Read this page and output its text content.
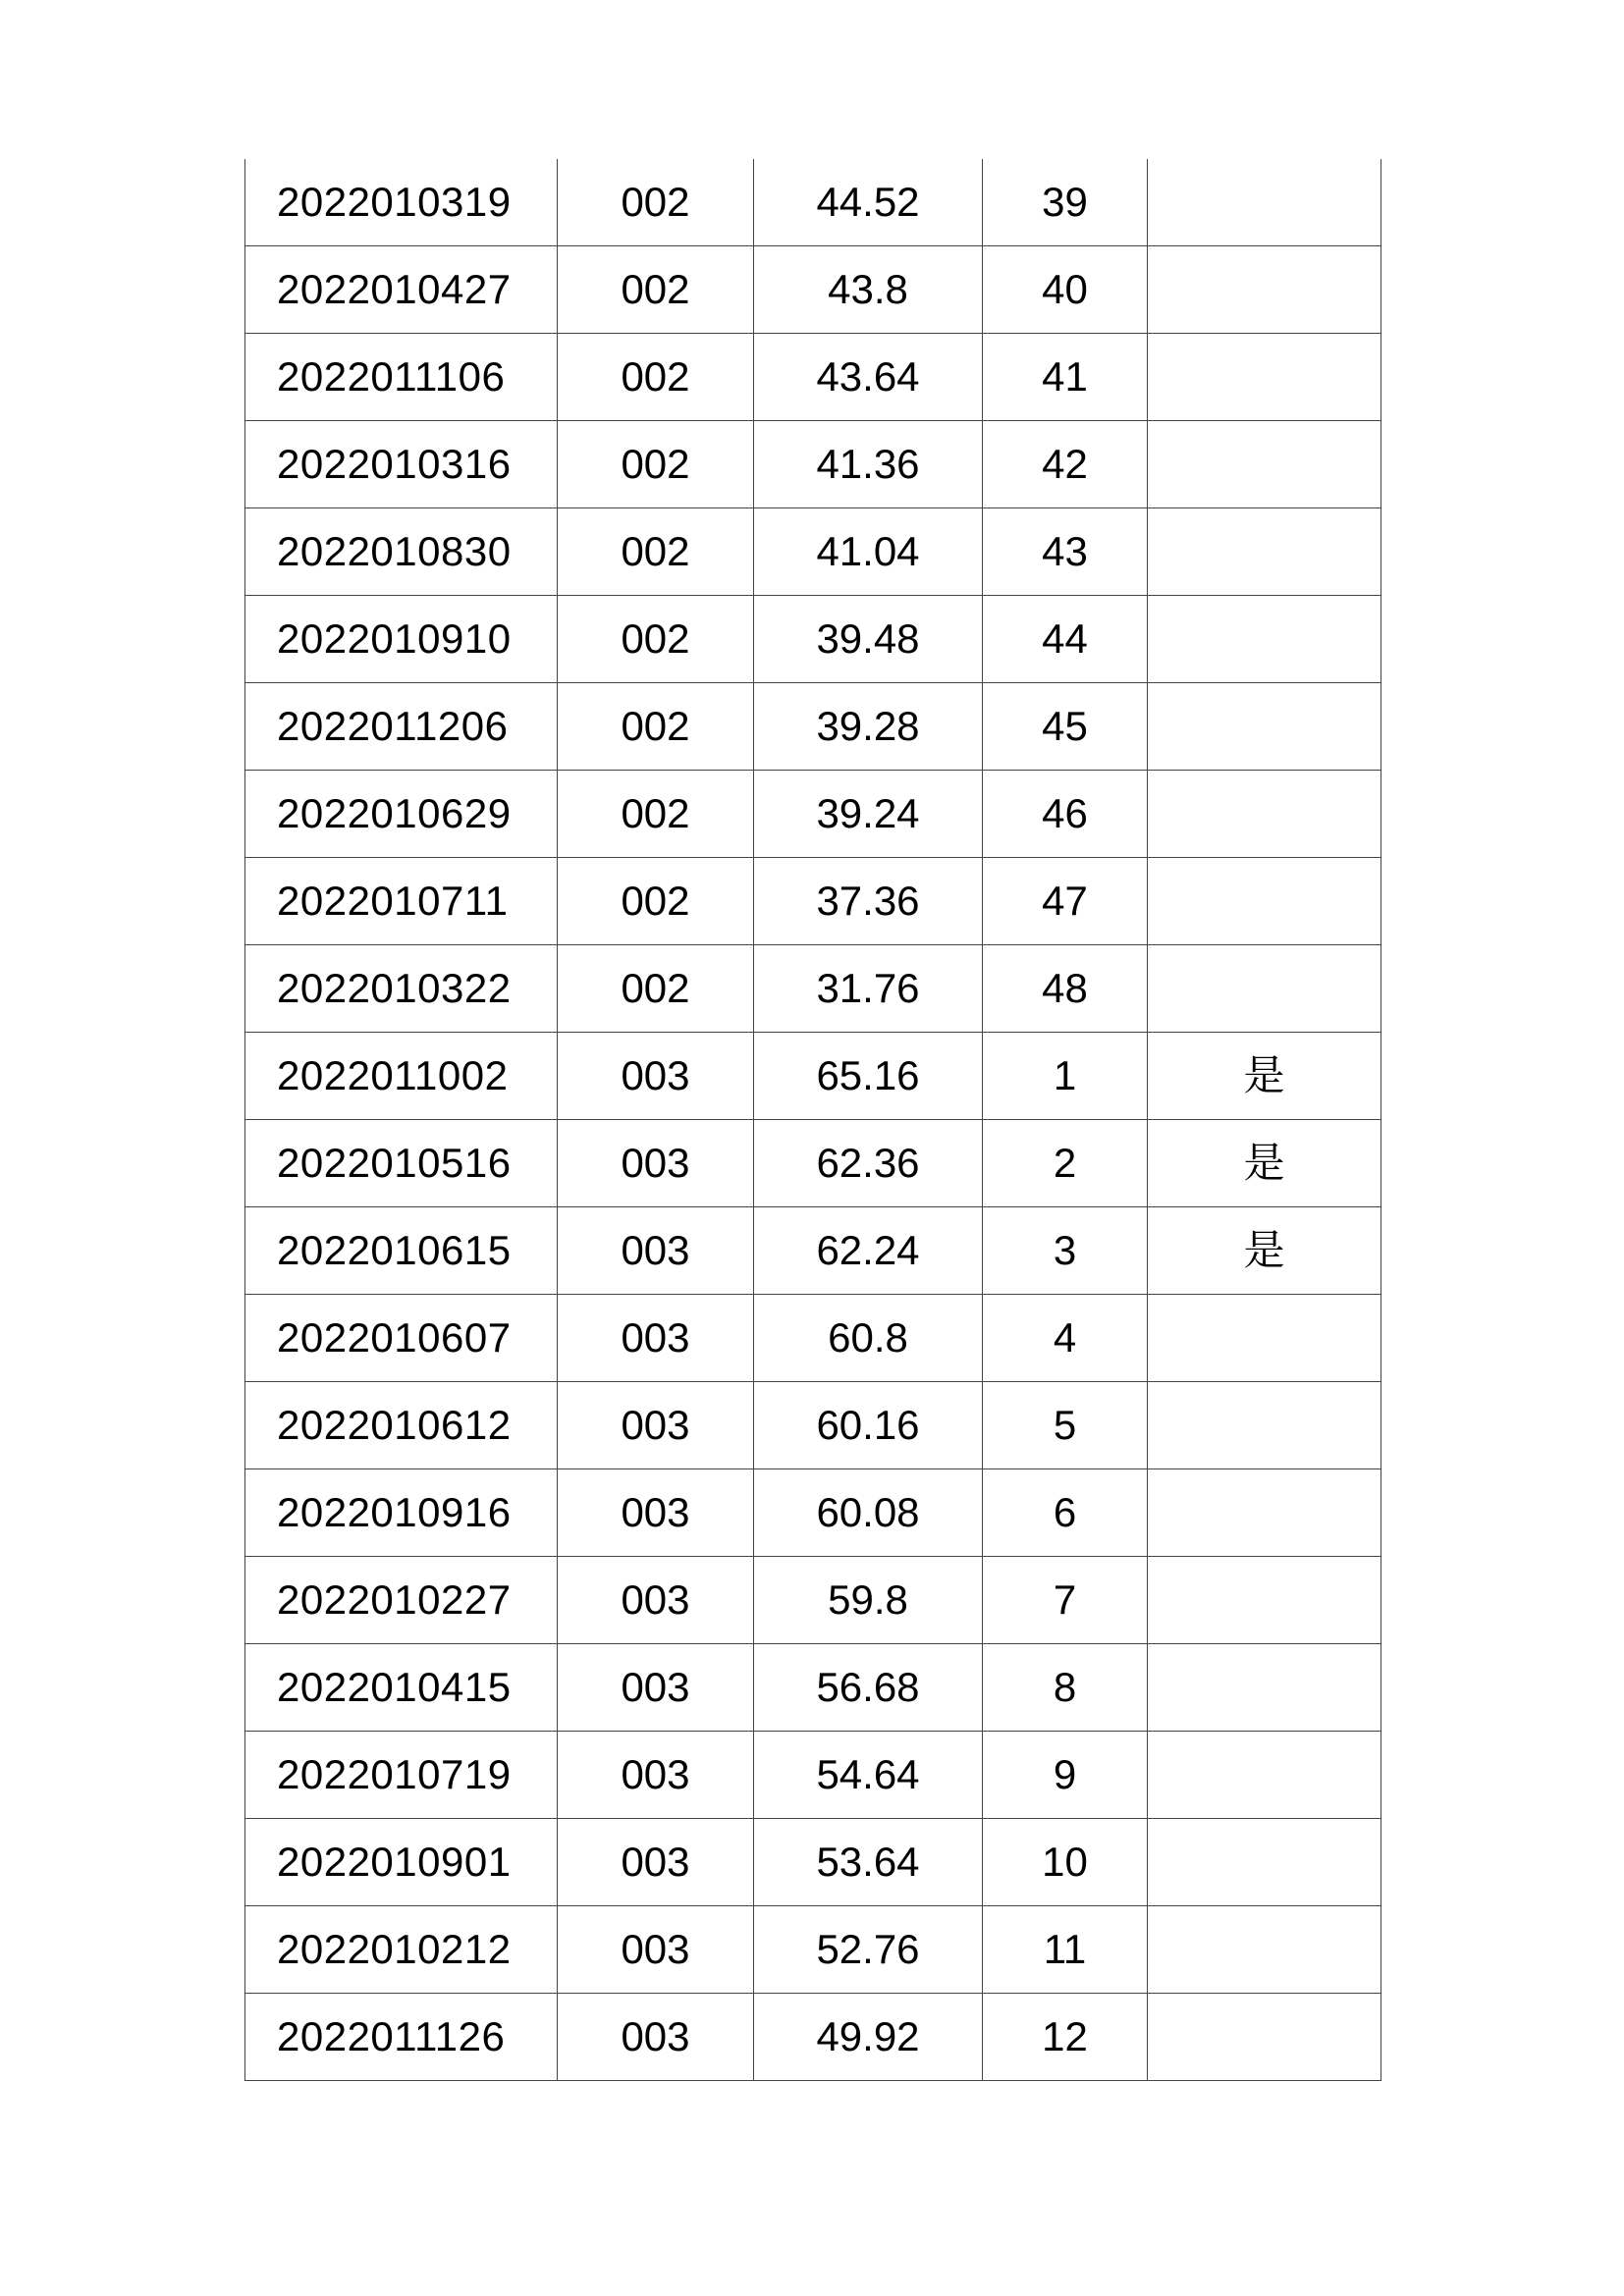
2022010319	002	44.52	39	
2022010427	002	43.8	40	
2022011106	002	43.64	41	
2022010316	002	41.36	42	
2022010830	002	41.04	43	
2022010910	002	39.48	44	
2022011206	002	39.28	45	
2022010629	002	39.24	46	
2022010711	002	37.36	47	
2022010322	002	31.76	48	
2022011002	003	65.16	1	是
2022010516	003	62.36	2	是
2022010615	003	62.24	3	是
2022010607	003	60.8	4	
2022010612	003	60.16	5	
2022010916	003	60.08	6	
2022010227	003	59.8	7	
2022010415	003	56.68	8	
2022010719	003	54.64	9	
2022010901	003	53.64	10	
2022010212	003	52.76	11	
2022011126	003	49.92	12	
